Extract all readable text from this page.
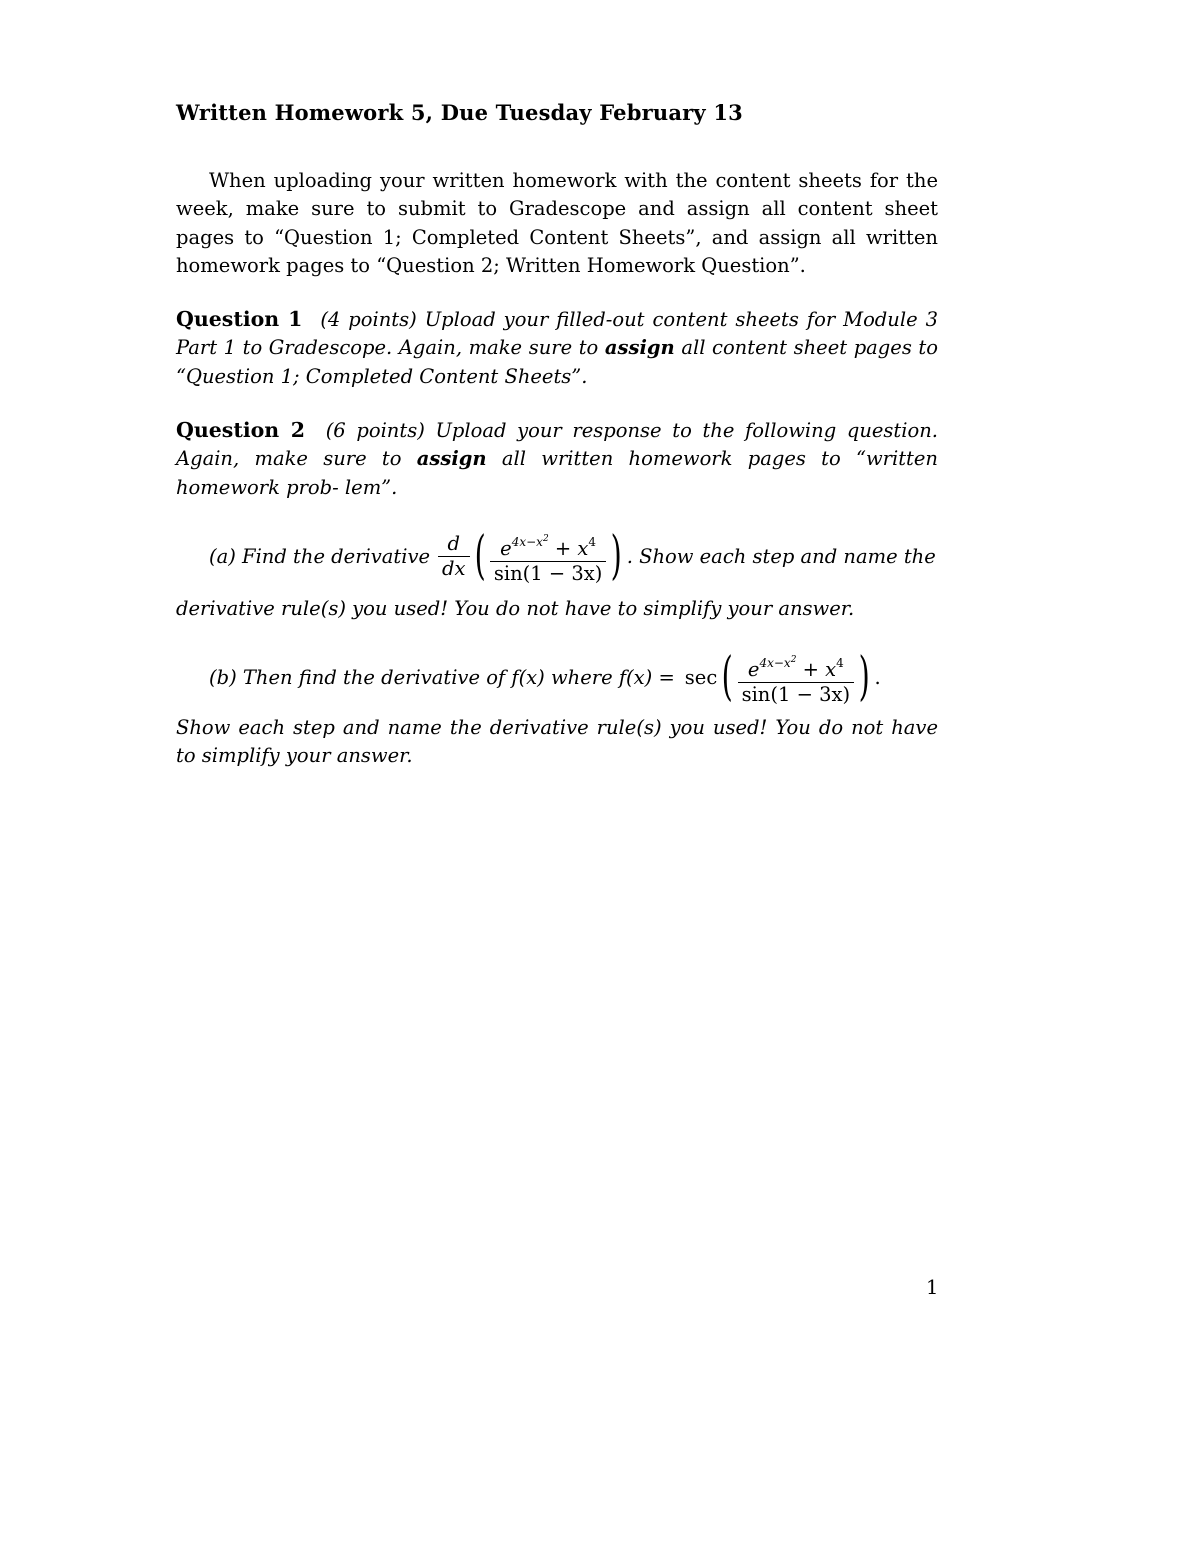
Written Homework 5, Due Tuesday February 13
When uploading your written homework with the content sheets for the week, make sure to submit to Gradescope and assign all content sheet pages to “Question 1; Completed Content Sheets”, and assign all written homework pages to “Question 2; Written Homework Question”.
Question 1 (4 points) Upload your filled-out content sheets for Module 3 Part 1 to Gradescope. Again, make sure to assign all content sheet pages to “Question 1; Completed Content Sheets”.
Question 2 (6 points) Upload your response to the following question. Again, make sure to assign all written homework pages to “written homework prob- lem”.
(a) Find the derivative $\frac{d}{dx}$ ( $\frac{e^{4x-x^2} + x^4}{\sin(1 - 3x)}$ ) . Show each step and name the
derivative rule(s) you used! You do not have to simplify your answer.
(b) Then find the derivative of f(x) where f(x) = sec ( $\frac{e^{4x-x^2} + x^4}{\sin(1 - 3x)}$ ) .
Show each step and name the derivative rule(s) you used! You do not have to simplify your answer.
1
